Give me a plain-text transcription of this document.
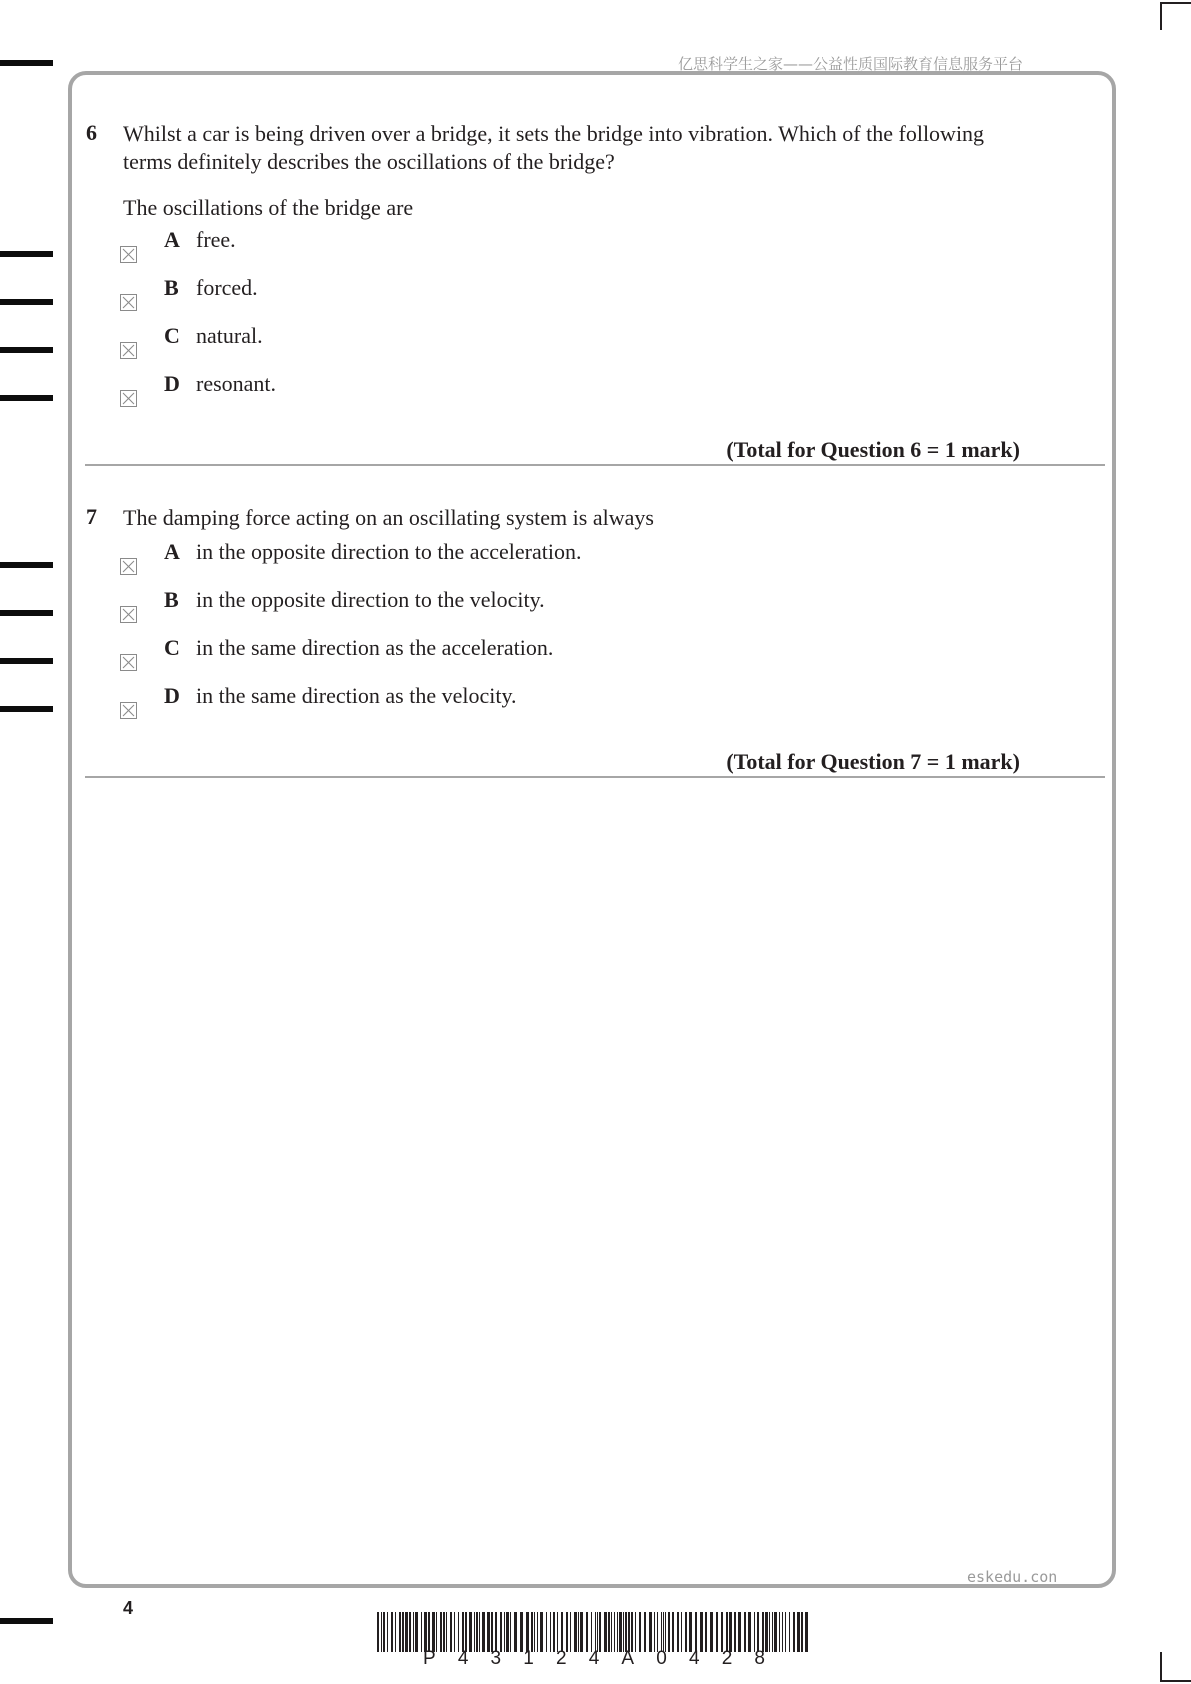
亿思科学生之家——公益性质国际教育信息服务平台
6 Whilst a car is being driven over a bridge, it sets the bridge into vibration. Which of the following terms definitely describes the oscillations of the bridge?
The oscillations of the bridge are
A free.
B forced.
C natural.
D resonant.
(Total for Question 6 = 1 mark)
7 The damping force acting on an oscillating system is always
A in the opposite direction to the acceleration.
B in the opposite direction to the velocity.
C in the same direction as the acceleration.
D in the same direction as the velocity.
(Total for Question 7 = 1 mark)
eskedu.con
4
P 4 3 1 2 4 A 0 4 2 8
